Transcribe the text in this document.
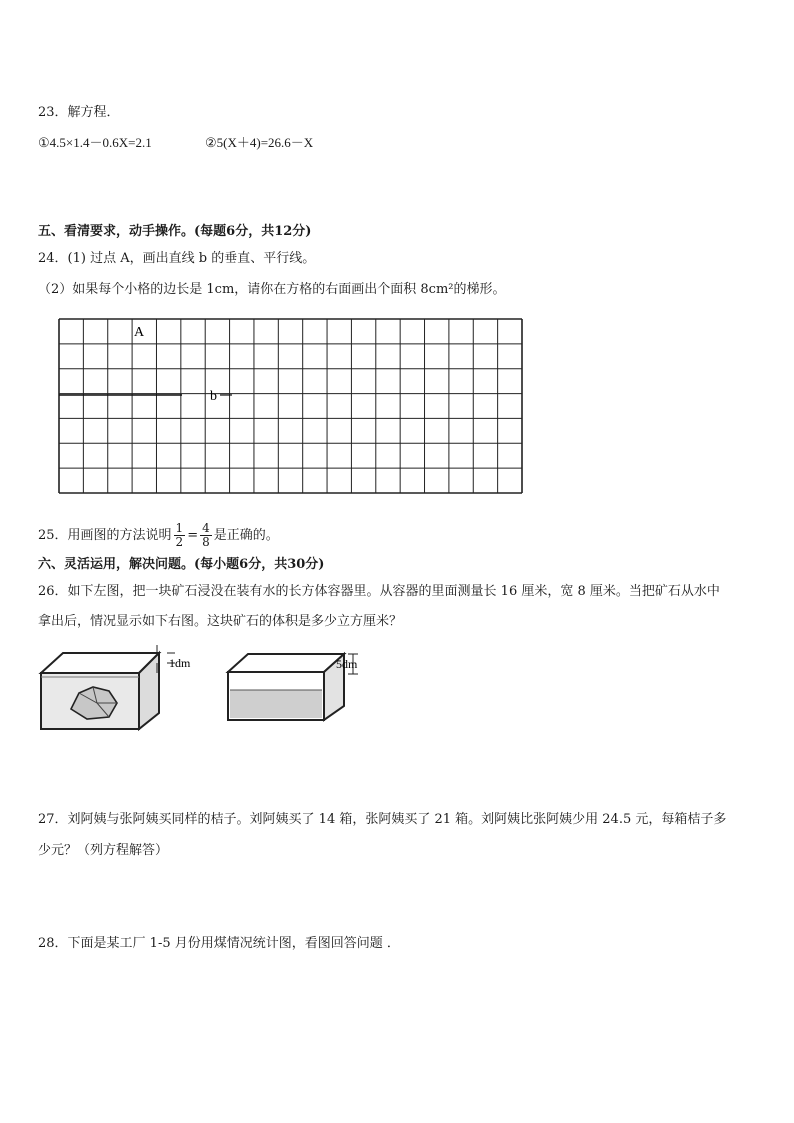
23．解方程．
①4.5×1.4－0.6X=2.1	②5(X＋4)=26.6－X
五、看清要求，动手操作。(每题6分，共12分)
24．(1) 过点 A，画出直线 b 的垂直、平行线。
（2）如果每个小格的边长是 1cm，请你在方格的右面画出个面积 8cm²的梯形。
A
b
25．用画图的方法说明 $\frac{1}{2} = \frac{4}{8}$ 是正确的。
六、灵活运用，解决问题。(每小题6分，共30分)
26．如下左图，把一块矿石浸没在装有水的长方体容器里。从容器的里面测量长 16 厘米，宽 8 厘米。当把矿石从水中
拿出后，情况显示如下右图。这块矿石的体积是多少立方厘米？
1dm	5dm
27．刘阿姨与张阿姨买同样的桔子。刘阿姨买了 14 箱，张阿姨买了 21 箱。刘阿姨比张阿姨少用 24.5 元，每箱桔子多
少元？（列方程解答）
28．下面是某工厂 1-5 月份用煤情况统计图，看图回答问题 ．
